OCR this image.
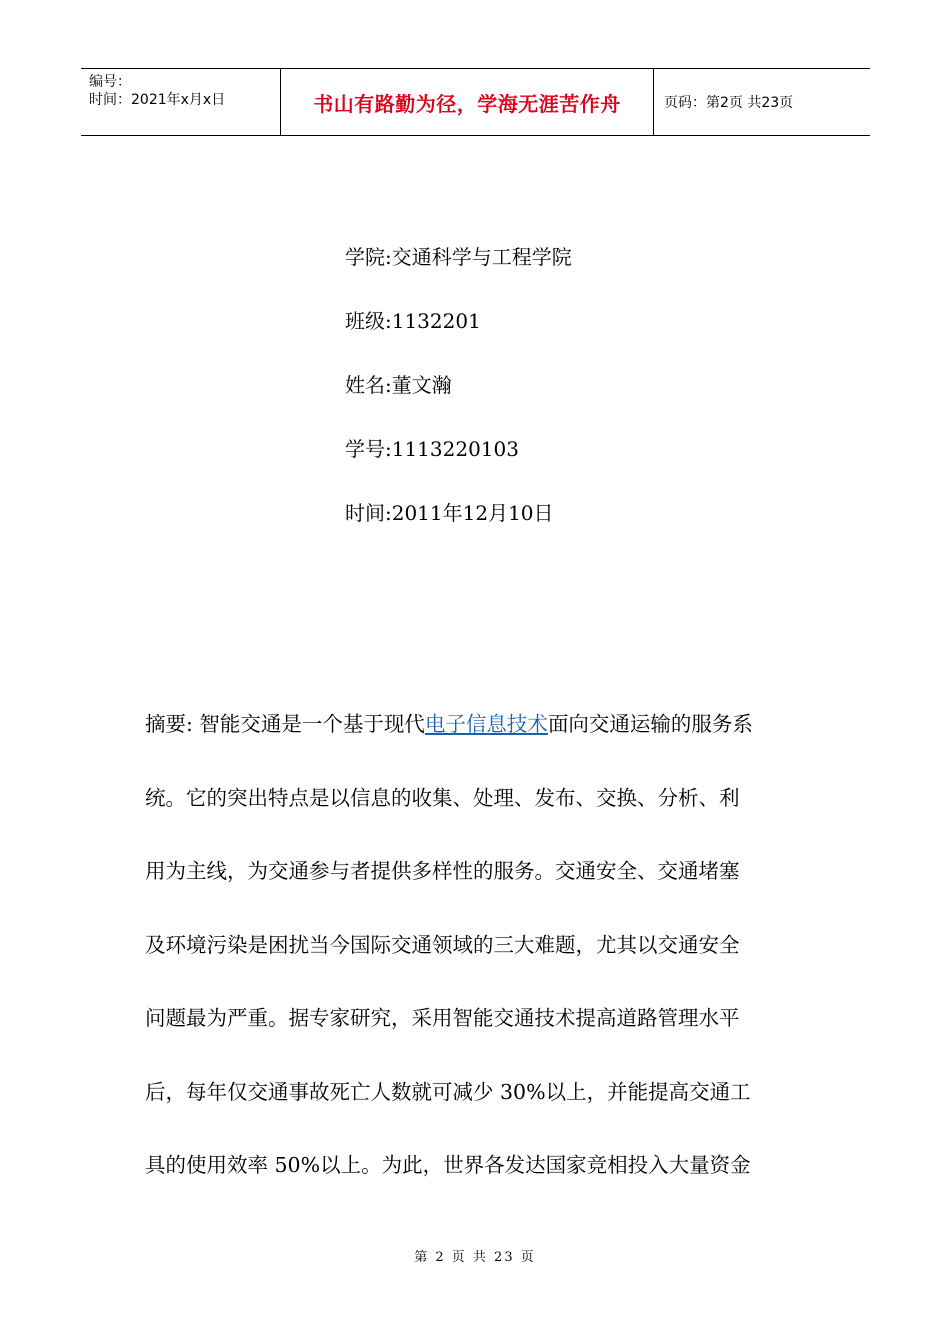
编号：
时间：2021年x月x日	书山有路勤为径，学海无涯苦作舟	页码：第2页 共23页
学院:交通科学与工程学院
班级:1132201
姓名:董文瀚
学号:1113220103
时间:2011年12月10日
摘要: 智能交通是一个基于现代电子信息技术面向交通运输的服务系
统。它的突出特点是以信息的收集、处理、发布、交换、分析、利
用为主线，为交通参与者提供多样性的服务。交通安全、交通堵塞
及环境污染是困扰当今国际交通领域的三大难题，尤其以交通安全
问题最为严重。据专家研究，采用智能交通技术提高道路管理水平
后，每年仅交通事故死亡人数就可减少 30%以上，并能提高交通工
具的使用效率 50%以上。为此，世界各发达国家竞相投入大量资金
第 2 页 共 23 页
